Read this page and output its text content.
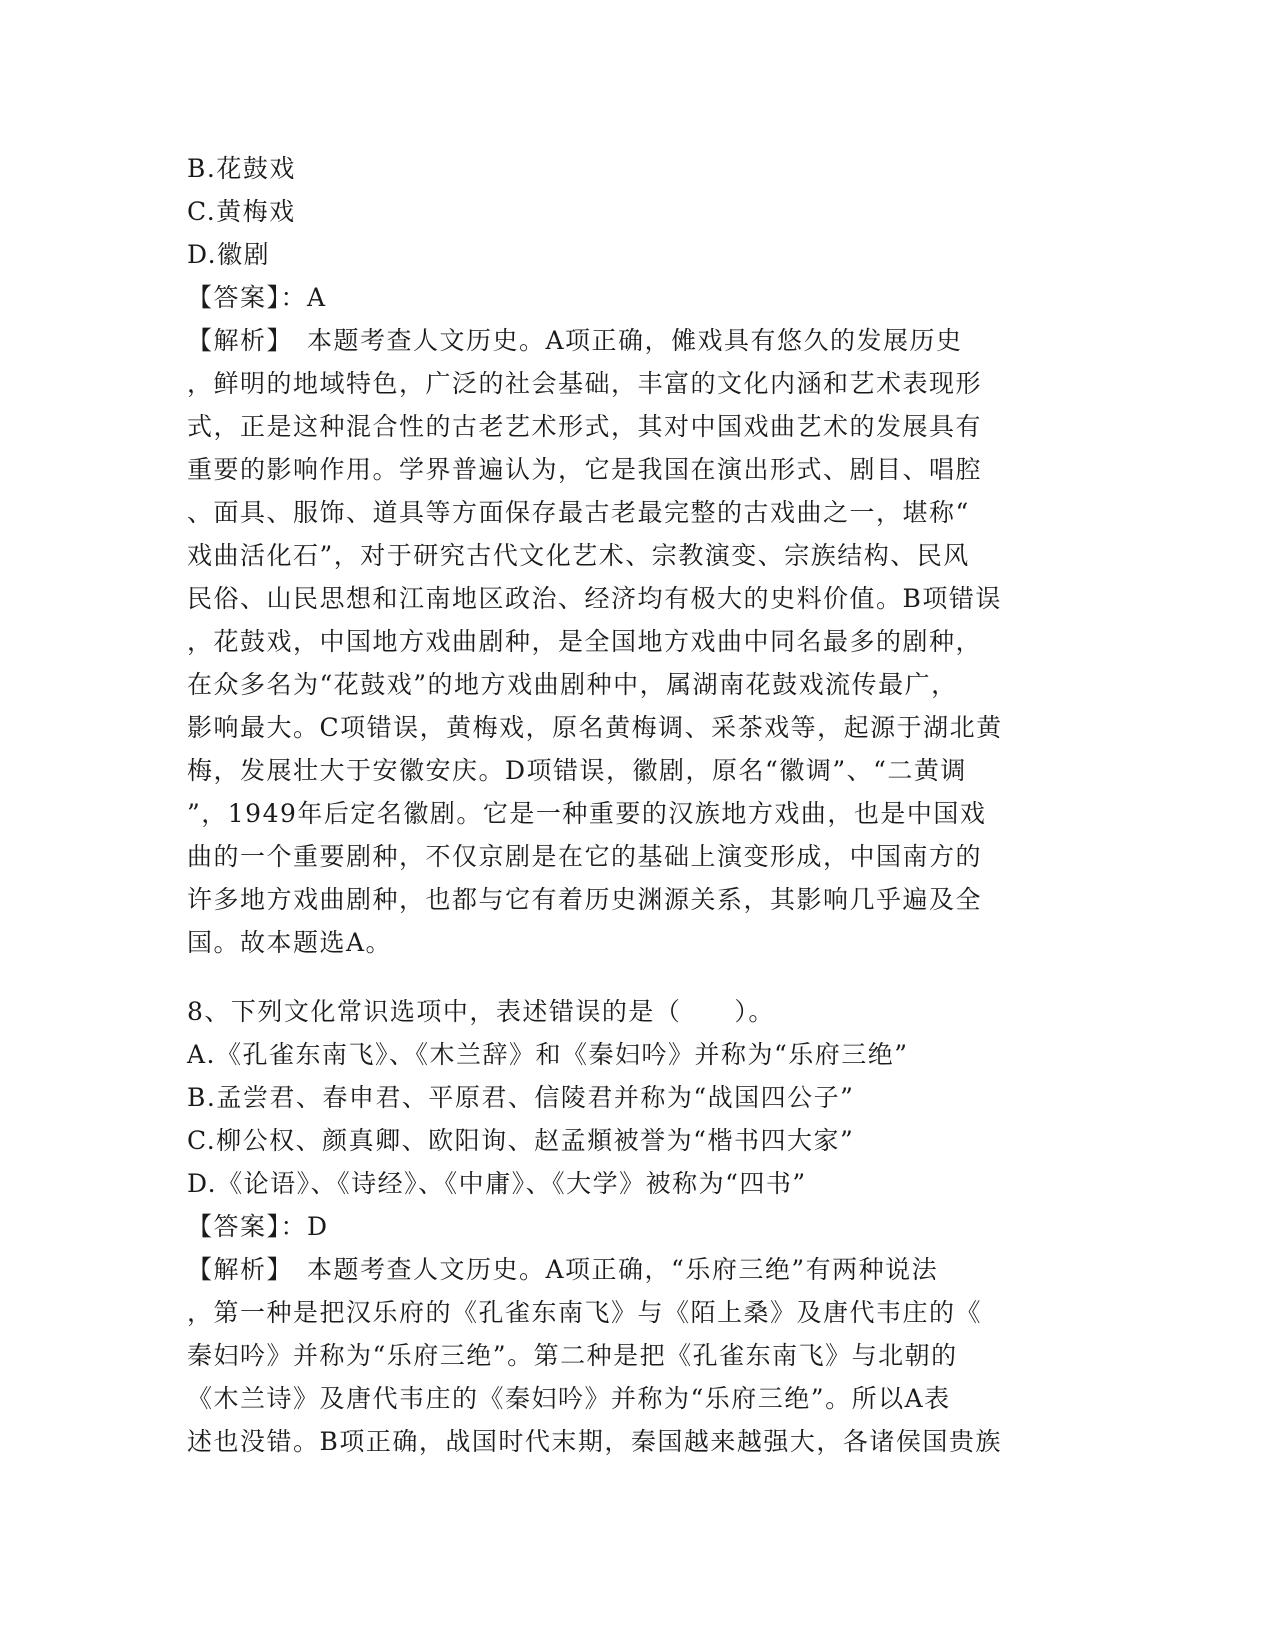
B.花鼓戏
C.黄梅戏
D.徽剧
【答案】：A
【解析】　本题考查人文历史。A项正确，傩戏具有悠久的发展历史
，鲜明的地域特色，广泛的社会基础，丰富的文化内涵和艺术表现形
式，正是这种混合性的古老艺术形式，其对中国戏曲艺术的发展具有
重要的影响作用。学界普遍认为，它是我国在演出形式、剧目、唱腔
、面具、服饰、道具等方面保存最古老最完整的古戏曲之一，堪称“
戏曲活化石”，对于研究古代文化艺术、宗教演变、宗族结构、民风
民俗、山民思想和江南地区政治、经济均有极大的史料价值。B项错误
，花鼓戏，中国地方戏曲剧种，是全国地方戏曲中同名最多的剧种，
在众多名为“花鼓戏”的地方戏曲剧种中，属湖南花鼓戏流传最广，
影响最大。C项错误，黄梅戏，原名黄梅调、采茶戏等，起源于湖北黄
梅，发展壮大于安徽安庆。D项错误，徽剧，原名“徽调”、“二黄调
”，1949年后定名徽剧。它是一种重要的汉族地方戏曲，也是中国戏
曲的一个重要剧种，不仅京剧是在它的基础上演变形成，中国南方的
许多地方戏曲剧种，也都与它有着历史渊源关系，其影响几乎遍及全
国。故本题选A。
8、下列文化常识选项中，表述错误的是（　　）。
A.《孔雀东南飞》、《木兰辞》和《秦妇吟》并称为“乐府三绝”
B.孟尝君、春申君、平原君、信陵君并称为“战国四公子”
C.柳公权、颜真卿、欧阳询、赵孟頫被誉为“楷书四大家”
D.《论语》、《诗经》、《中庸》、《大学》被称为“四书”
【答案】：D
【解析】　本题考查人文历史。A项正确，“乐府三绝”有两种说法
，第一种是把汉乐府的《孔雀东南飞》与《陌上桑》及唐代韦庄的《
秦妇吟》并称为“乐府三绝”。第二种是把《孔雀东南飞》与北朝的
《木兰诗》及唐代韦庄的《秦妇吟》并称为“乐府三绝”。所以A表
述也没错。B项正确，战国时代末期，秦国越来越强大，各诸侯国贵族
